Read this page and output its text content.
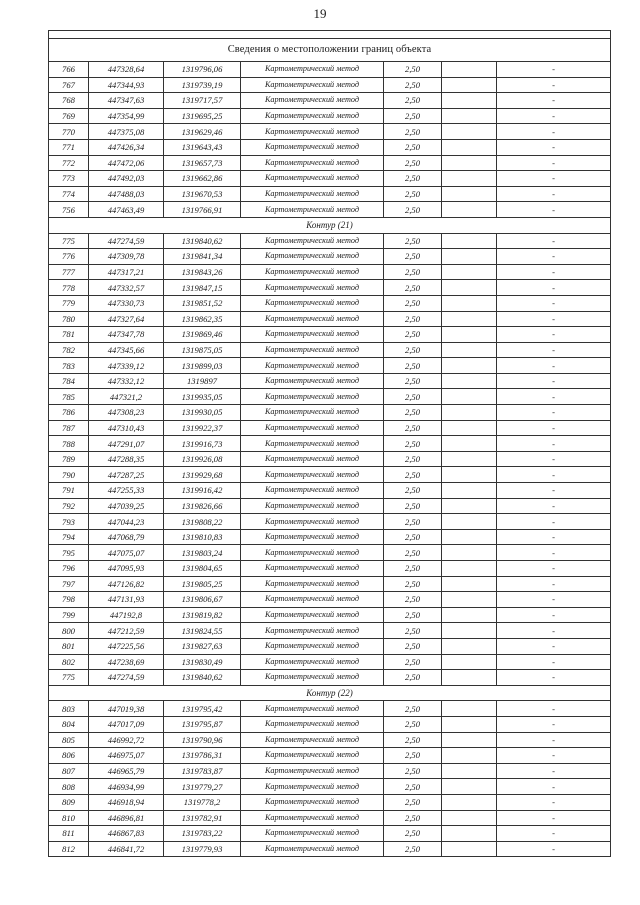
19

Сведения о местоположении границ объекта						
766	447328,64	1319796,06	Картометрический метод	2,50		-
767	447344,93	1319739,19	Картометрический метод	2,50		-
768	447347,63	1319717,57	Картометрический метод	2,50		-
769	447354,99	1319695,25	Картометрический метод	2,50		-
770	447375,08	1319629,46	Картометрический метод	2,50		-
771	447426,34	1319643,43	Картометрический метод	2,50		-
772	447472,06	1319657,73	Картометрический метод	2,50		-
773	447492,03	1319662,86	Картометрический метод	2,50		-
774	447488,03	1319670,53	Картометрический метод	2,50		-
756	447463,49	1319766,91	Картометрический метод	2,50		-
Контур (21)						
775	447274,59	1319840,62	Картометрический метод	2,50		-
776	447309,78	1319841,34	Картометрический метод	2,50		-
777	447317,21	1319843,26	Картометрический метод	2,50		-
778	447332,57	1319847,15	Картометрический метод	2,50		-
779	447330,73	1319851,52	Картометрический метод	2,50		-
780	447327,64	1319862,35	Картометрический метод	2,50		-
781	447347,78	1319869,46	Картометрический метод	2,50		-
782	447345,66	1319875,05	Картометрический метод	2,50		-
783	447339,12	1319899,03	Картометрический метод	2,50		-
784	447332,12	1319897	Картометрический метод	2,50		-
785	447321,2	1319935,05	Картометрический метод	2,50		-
786	447308,23	1319930,05	Картометрический метод	2,50		-
787	447310,43	1319922,37	Картометрический метод	2,50		-
788	447291,07	1319916,73	Картометрический метод	2,50		-
789	447288,35	1319926,08	Картометрический метод	2,50		-
790	447287,25	1319929,68	Картометрический метод	2,50		-
791	447255,33	1319916,42	Картометрический метод	2,50		-
792	447039,25	1319826,66	Картометрический метод	2,50		-
793	447044,23	1319808,22	Картометрический метод	2,50		-
794	447068,79	1319810,83	Картометрический метод	2,50		-
795	447075,07	1319803,24	Картометрический метод	2,50		-
796	447095,93	1319804,65	Картометрический метод	2,50		-
797	447126,82	1319805,25	Картометрический метод	2,50		-
798	447131,93	1319806,67	Картометрический метод	2,50		-
799	447192,8	1319819,82	Картометрический метод	2,50		-
800	447212,59	1319824,55	Картометрический метод	2,50		-
801	447225,56	1319827,63	Картометрический метод	2,50		-
802	447238,69	1319830,49	Картометрический метод	2,50		-
775	447274,59	1319840,62	Картометрический метод	2,50		-
Контур (22)						
803	447019,38	1319795,42	Картометрический метод	2,50		-
804	447017,09	1319795,87	Картометрический метод	2,50		-
805	446992,72	1319790,96	Картометрический метод	2,50		-
806	446975,07	1319786,31	Картометрический метод	2,50		-
807	446965,79	1319783,87	Картометрический метод	2,50		-
808	446934,99	1319779,27	Картометрический метод	2,50		-
809	446918,94	1319778,2	Картометрический метод	2,50		-
810	446896,81	1319782,91	Картометрический метод	2,50		-
811	446867,83	1319783,22	Картометрический метод	2,50		-
812	446841,72	1319779,93	Картометрический метод	2,50		-
